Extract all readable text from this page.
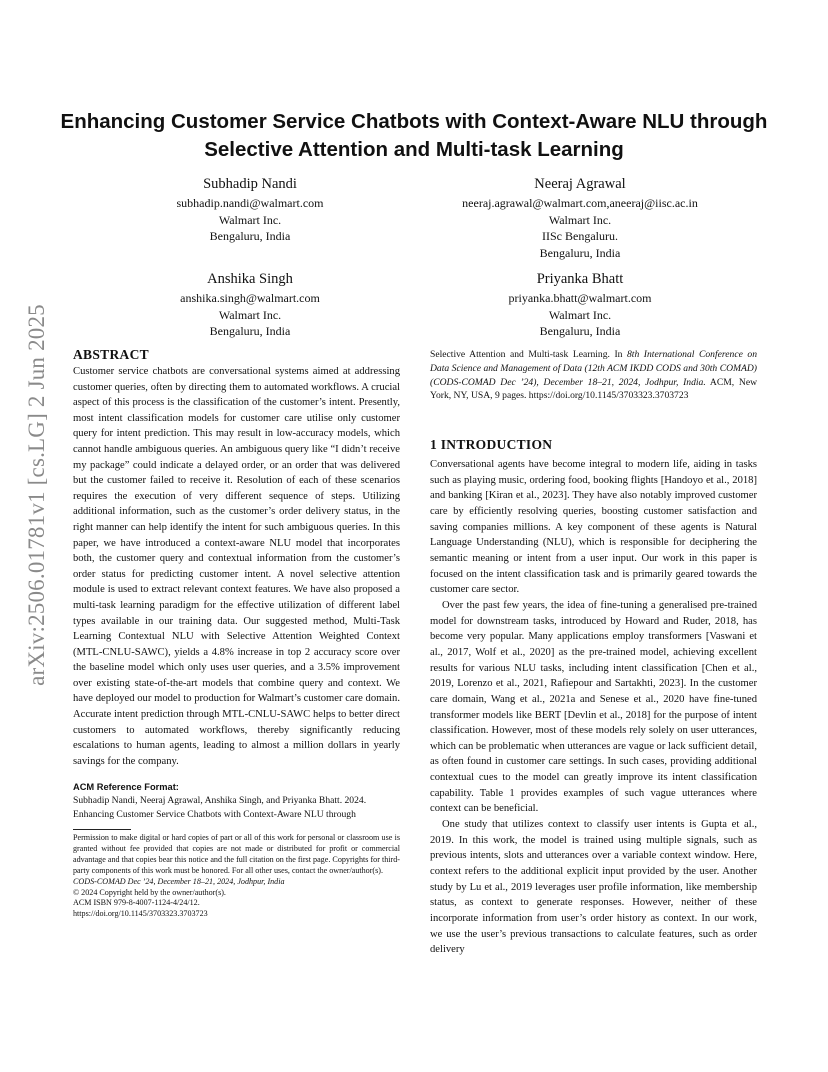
arXiv:2506.01781v1 [cs.LG] 2 Jun 2025
Enhancing Customer Service Chatbots with Context-Aware NLU through Selective Attention and Multi-task Learning
Subhadip Nandi
subhadip.nandi@walmart.com
Walmart Inc.
Bengaluru, India
Neeraj Agrawal
neeraj.agrawal@walmart.com,aneeraj@iisc.ac.in
Walmart Inc.
IISc Bengaluru.
Bengaluru, India
Anshika Singh
anshika.singh@walmart.com
Walmart Inc.
Bengaluru, India
Priyanka Bhatt
priyanka.bhatt@walmart.com
Walmart Inc.
Bengaluru, India
ABSTRACT

Customer service chatbots are conversational systems aimed at addressing customer queries, often by directing them to automated workflows. A crucial aspect of this process is the classification of the customer’s intent. Presently, most intent classification models for customer care utilise only customer query for intent prediction. This may result in low-accuracy models, which cannot handle ambiguous queries. An ambiguous query like “I didn’t receive my package” could indicate a delayed order, or an order that was delivered but the customer failed to receive it. Resolution of each of these scenarios requires the execution of very different sequence of steps. Utilizing additional information, such as the customer’s order delivery status, in the right manner can help identify the intent for such ambiguous queries. In this paper, we have introduced a context-aware NLU model that incorporates both, the customer query and contextual information from the customer’s order status for predicting customer intent. A novel selective attention module is used to extract relevant context features. We have also proposed a multi-task learning paradigm for the effective utilization of different label types available in our training data. Our suggested method, Multi-Task Learning Contextual NLU with Selective Attention Weighted Context (MTL-CNLU-SAWC), yields a 4.8% increase in top 2 accuracy score over the baseline model which only uses user queries, and a 3.5% improvement over existing state-of-the-art models that combine query and context. We have deployed our model to production for Walmart’s customer care domain. Accurate intent prediction through MTL-CNLU-SAWC helps to better direct customers to automated workflows, thereby significantly reducing escalations to human agents, leading to almost a million dollars in yearly savings for the company.

ACM Reference Format:

Subhadip Nandi, Neeraj Agrawal, Anshika Singh, and Priyanka Bhatt. 2024. Enhancing Customer Service Chatbots with Context-Aware NLU through

Permission to make digital or hard copies of part or all of this work for personal or classroom use is granted without fee provided that copies are not made or distributed for profit or commercial advantage and that copies bear this notice and the full citation on the first page. Copyrights for third-party components of this work must be honored. For all other uses, contact the owner/author(s).

CODS-COMAD Dec ’24, December 18–21, 2024, Jodhpur, India

© 2024 Copyright held by the owner/author(s).

ACM ISBN 979-8-4007-1124-4/24/12.

https://doi.org/10.1145/3703323.3703723

Selective Attention and Multi-task Learning. In 8th International Conference on Data Science and Management of Data (12th ACM IKDD CODS and 30th COMAD) (CODS-COMAD Dec ’24), December 18–21, 2024, Jodhpur, India. ACM, New York, NY, USA, 9 pages. https://doi.org/10.1145/3703323.3703723
1 INTRODUCTION

Conversational agents have become integral to modern life, aiding in tasks such as playing music, ordering food, booking flights [Handoyo et al., 2018] and banking [Kiran et al., 2023]. They have also notably improved customer care by efficiently resolving queries, boosting customer satisfaction and saving companies millions. A key component of these agents is Natural Language Understanding (NLU), which is responsible for deciphering the semantic meaning or intent from a user input. Our work in this paper is focused on the intent classification task and is primarily geared towards the customer care sector.

Over the past few years, the idea of fine-tuning a generalised pre-trained model for downstream tasks, introduced by Howard and Ruder, 2018, has become very popular. Many applications employ transformers [Vaswani et al., 2017, Wolf et al., 2020] as the pre-trained model, achieving excellent results for various NLU tasks, including intent classification [Chen et al., 2019, Lorenzo et al., 2021, Rafiepour and Sartakhti, 2023]. In the customer care domain, Wang et al., 2021a and Senese et al., 2020 have fine-tuned transformer models like BERT [Devlin et al., 2018] for the purpose of intent classification. However, most of these models rely solely on user utterances, which can be problematic when utterances are vague or lack sufficient detail, as often found in customer care settings. In such cases, providing additional contextual cues to the model can greatly improve its intent classification capability. Table 1 provides examples of such vague utterances where context can be beneficial.

One study that utilizes context to classify user intents is Gupta et al., 2019. In this work, the model is trained using multiple signals, such as previous intents, slots and utterances over a variable context window. Here, context refers to the additional explicit input provided by the user. Another study by Lu et al., 2019 leverages user profile information, like membership status, as context to generate responses. However, neither of these incorporate information from user’s order history as context. In our work, we use the user’s previous transactions to calculate features, such as order delivery
